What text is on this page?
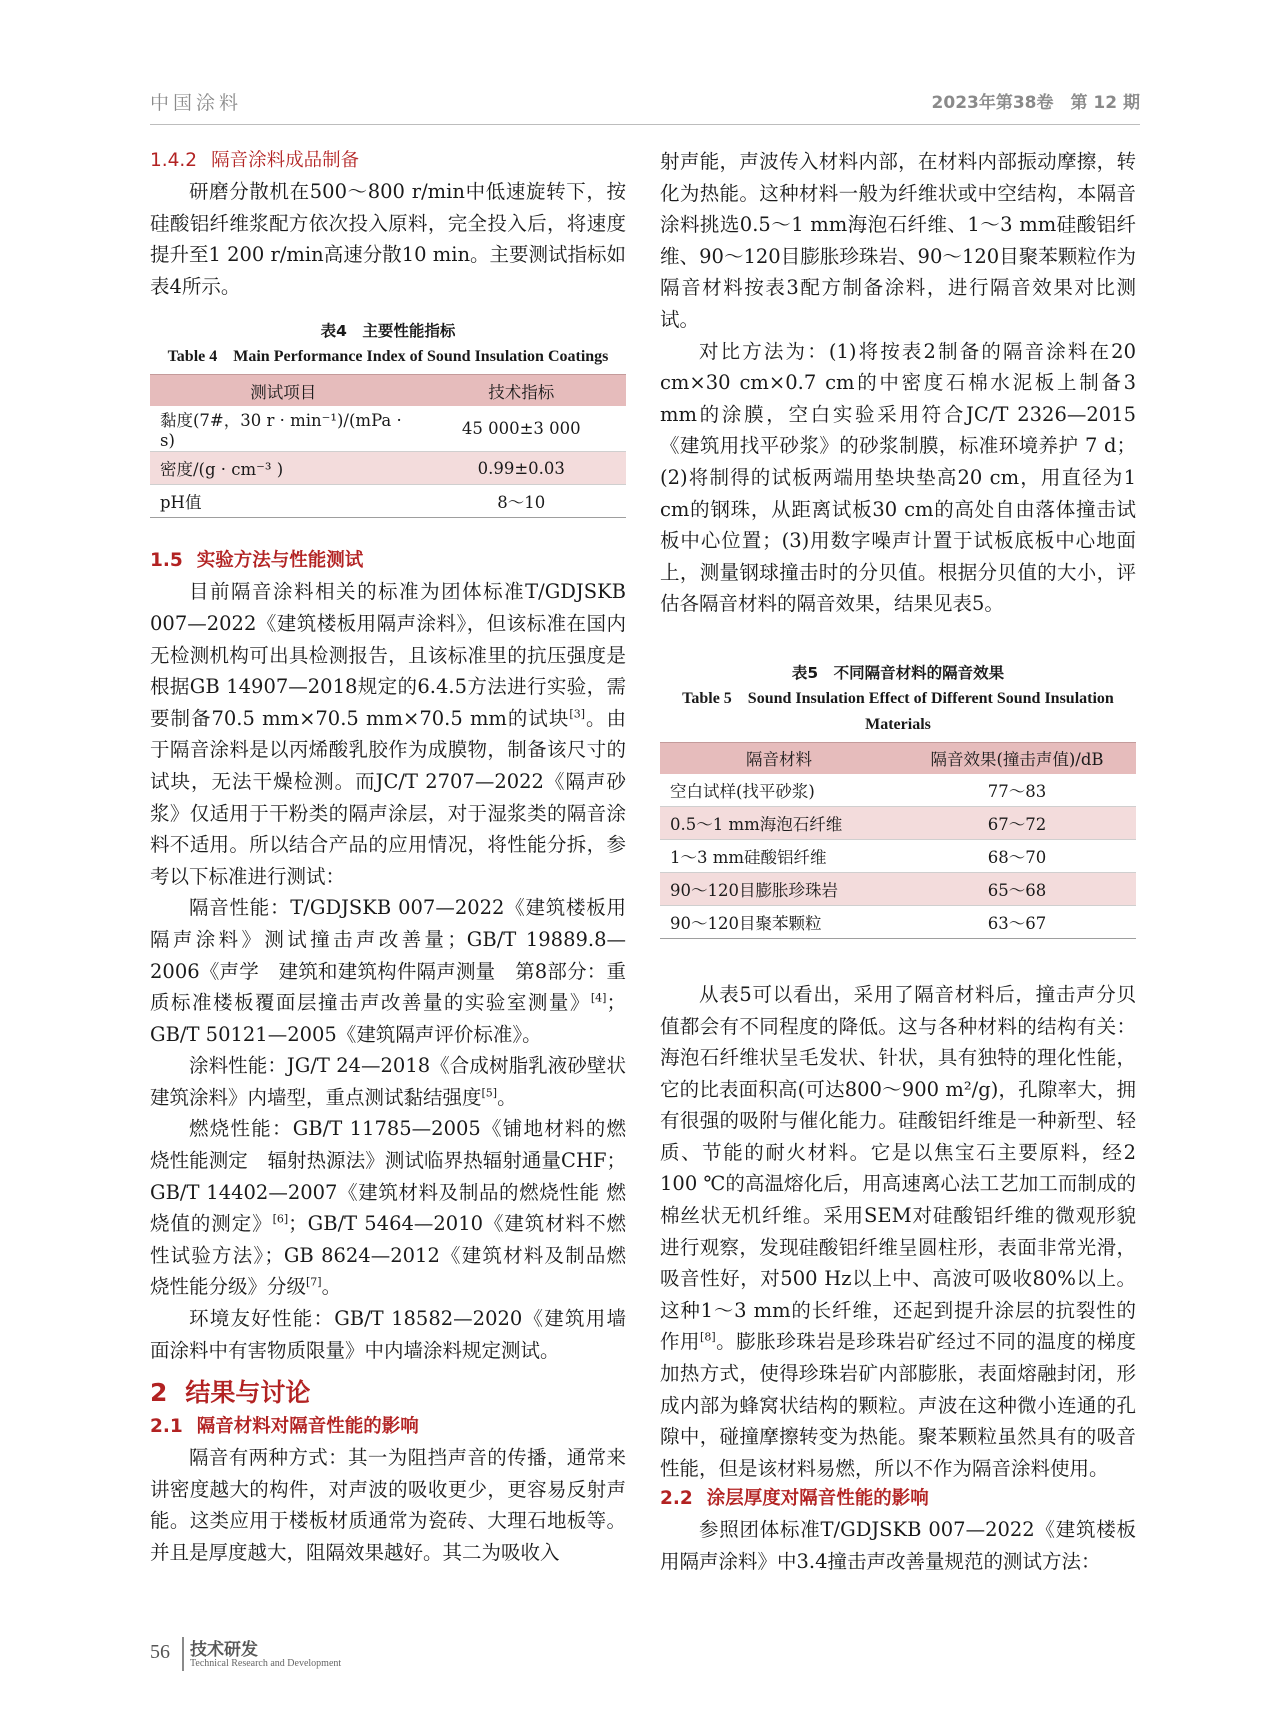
中国涂料	2023年第38卷　第 12 期
1.4.2 隔音涂料成品制备

研磨分散机在500～800 r/min中低速旋转下，按硅酸铝纤维浆配方依次投入原料，完全投入后，将速度提升至1 200 r/min高速分散10 min。主要测试指标如表4所示。

表4　主要性能指标
Table 4　Main Performance Index of Sound Insulation Coatings
测试项目	技术指标
黏度(7#，30 r · min⁻¹)/(mPa · s)	45 000±3 000
密度/(g · cm⁻³ )	0.99±0.03
pH值	8～10
1.5 实验方法与性能测试

目前隔音涂料相关的标准为团体标准T/GDJSKB 007—2022《建筑楼板用隔声涂料》，但该标准在国内无检测机构可出具检测报告，且该标准里的抗压强度是根据GB 14907—2018规定的6.4.5方法进行实验，需要制备70.5 mm×70.5 mm×70.5 mm的试块[3]。由于隔音涂料是以丙烯酸乳胶作为成膜物，制备该尺寸的试块，无法干燥检测。而JC/T 2707—2022《隔声砂浆》仅适用于干粉类的隔声涂层，对于湿浆类的隔音涂料不适用。所以结合产品的应用情况，将性能分拆，参考以下标准进行测试：

隔音性能：T/GDJSKB 007—2022《建筑楼板用隔声涂料》测试撞击声改善量；GB/T 19889.8—2006《声学　建筑和建筑构件隔声测量　第8部分：重质标准楼板覆面层撞击声改善量的实验室测量》[4]；GB/T 50121—2005《建筑隔声评价标准》。

涂料性能：JG/T 24—2018《合成树脂乳液砂壁状建筑涂料》内墙型，重点测试黏结强度[5]。

燃烧性能：GB/T 11785—2005《铺地材料的燃烧性能测定　辐射热源法》测试临界热辐射通量CHF；GB/T 14402—2007《建筑材料及制品的燃烧性能 燃烧值的测定》[6]；GB/T 5464—2010《建筑材料不燃性试验方法》；GB 8624—2012《建筑材料及制品燃烧性能分级》分级[7]。

环境友好性能：GB/T 18582—2020《建筑用墙面涂料中有害物质限量》中内墙涂料规定测试。

2 结果与讨论
2.1 隔音材料对隔音性能的影响

隔音有两种方式：其一为阻挡声音的传播，通常来讲密度越大的构件，对声波的吸收更少，更容易反射声能。这类应用于楼板材质通常为瓷砖、大理石地板等。并且是厚度越大，阻隔效果越好。其二为吸收入

射声能，声波传入材料内部，在材料内部振动摩擦，转化为热能。这种材料一般为纤维状或中空结构，本隔音涂料挑选0.5～1 mm海泡石纤维、1～3 mm硅酸铝纤维、90～120目膨胀珍珠岩、90～120目聚苯颗粒作为隔音材料按表3配方制备涂料，进行隔音效果对比测试。

对比方法为：(1)将按表2制备的隔音涂料在20 cm×30 cm×0.7 cm的中密度石棉水泥板上制备3 mm的涂膜，空白实验采用符合JC/T 2326—2015《建筑用找平砂浆》的砂浆制膜，标准环境养护 7 d；(2)将制得的试板两端用垫块垫高20 cm，用直径为1 cm的钢珠，从距离试板30 cm的高处自由落体撞击试板中心位置；(3)用数字噪声计置于试板底板中心地面上，测量钢球撞击时的分贝值。根据分贝值的大小，评估各隔音材料的隔音效果，结果见表5。

表5　不同隔音材料的隔音效果
Table 5　Sound Insulation Effect of Different Sound Insulation Materials
隔音材料	隔音效果(撞击声值)/dB
空白试样(找平砂浆)	77～83
0.5～1 mm海泡石纤维	67～72
1～3 mm硅酸铝纤维	68～70
90～120目膨胀珍珠岩	65～68
90～120目聚苯颗粒	63～67

从表5可以看出，采用了隔音材料后，撞击声分贝值都会有不同程度的降低。这与各种材料的结构有关：海泡石纤维状呈毛发状、针状，具有独特的理化性能，它的比表面积高(可达800～900 m²/g)，孔隙率大，拥有很强的吸附与催化能力。硅酸铝纤维是一种新型、轻质、节能的耐火材料。它是以焦宝石主要原料，经2 100 ℃的高温熔化后，用高速离心法工艺加工而制成的棉丝状无机纤维。采用SEM对硅酸铝纤维的微观形貌进行观察，发现硅酸铝纤维呈圆柱形，表面非常光滑，吸音性好，对500 Hz以上中、高波可吸收80%以上。这种1～3 mm的长纤维，还起到提升涂层的抗裂性的作用[8]。膨胀珍珠岩是珍珠岩矿经过不同的温度的梯度加热方式，使得珍珠岩矿内部膨胀，表面熔融封闭，形成内部为蜂窝状结构的颗粒。声波在这种微小连通的孔隙中，碰撞摩擦转变为热能。聚苯颗粒虽然具有的吸音性能，但是该材料易燃，所以不作为隔音涂料使用。

2.2 涂层厚度对隔音性能的影响

参照团体标准T/GDJSKB 007—2022《建筑楼板用隔声涂料》中3.4撞击声改善量规范的测试方法：

56 技术研发
Technical Research and Development
